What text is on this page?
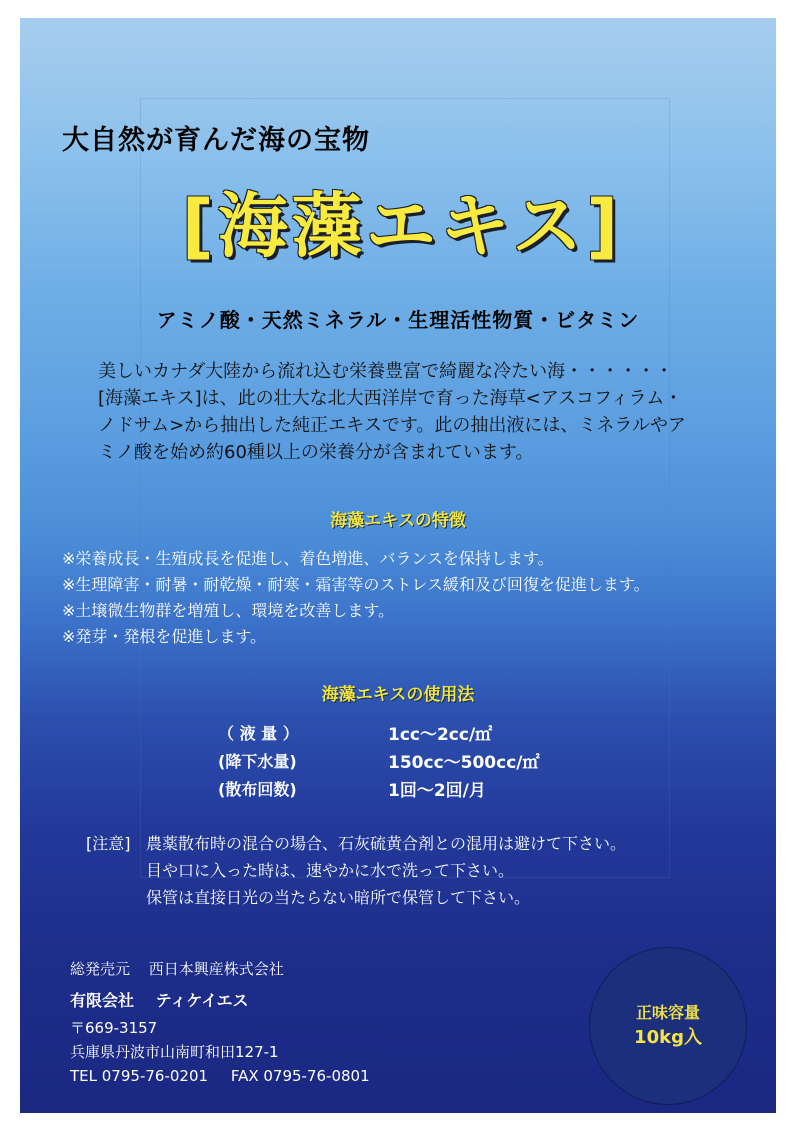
大自然が育んだ海の宝物
[海藻エキス]
アミノ酸・天然ミネラル・生理活性物質・ビタミン

美しいカナダ大陸から流れ込む栄養豊富で綺麗な冷たい海・・・・・・[海藻エキス]は、此の壮大な北大西洋岸で育った海草<アスコフィラム・ノドサム>から抽出した純正エキスです。此の抽出液には、ミネラルやアミノ酸を始め約60種以上の栄養分が含まれています。

海藻エキスの特徴
※栄養成長・生殖成長を促進し、着色増進、バランスを保持します。
※生理障害・耐暑・耐乾燥・耐寒・霜害等のストレス緩和及び回復を促進します。
※土壌微生物群を増殖し、環境を改善します。
※発芽・発根を促進します。
海藻エキスの使用法
（ 液 量 ）	1cc～2cc/㎡
(降下水量)	150cc～500cc/㎡
(散布回数)	1回～2回/月
[注意] 農薬散布時の混合の場合、石灰硫黄合剤との混用は避けて下さい。
目や口に入った時は、速やかに水で洗って下さい。
保管は直接日光の当たらない暗所で保管して下さい。
総発売元 西日本興産株式会社
有限会社 ティケイエス
〒669-3157
兵庫県丹波市山南町和田127-1
TEL 0795-76-0201 FAX 0795-76-0801
正味容量
10kg入
